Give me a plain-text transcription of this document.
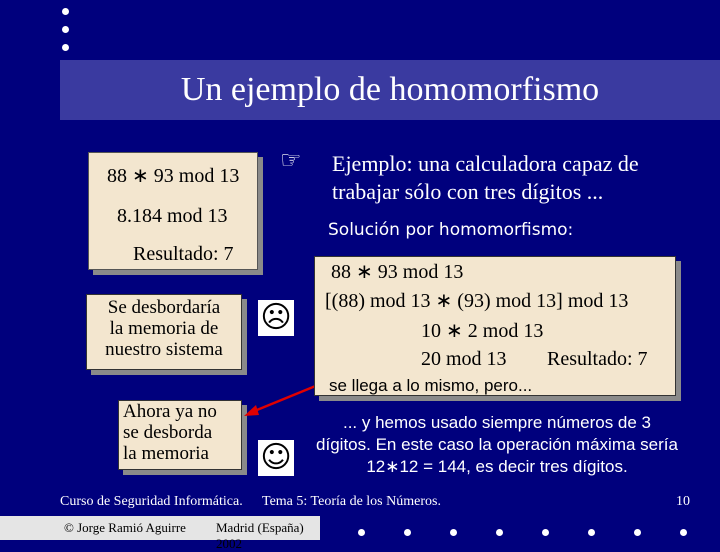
Un ejemplo de homomorfismo
88 ∗ 93 mod 13
8.184 mod 13
Resultado: 7
Se desbordaría
la memoria de
nuestro sistema
Ahora ya no
se desborda
la memoria
☹
☺
☞ Ejemplo: una calculadora capaz de trabajar sólo con tres dígitos ...
Solución por homomorfismo:
88 ∗ 93 mod 13
[(88) mod 13 ∗ (93) mod 13] mod 13
10 ∗ 2 mod 13
20 mod 13 Resultado: 7
se llega a lo mismo, pero...
... y hemos usado siempre números de 3 dígitos. En este caso la operación máxima sería 12∗12 = 144, es decir tres dígitos.
Curso de Seguridad Informática. Tema 5: Teoría de los Números.	10
© Jorge Ramió Aguirre Madrid (España) 2002
